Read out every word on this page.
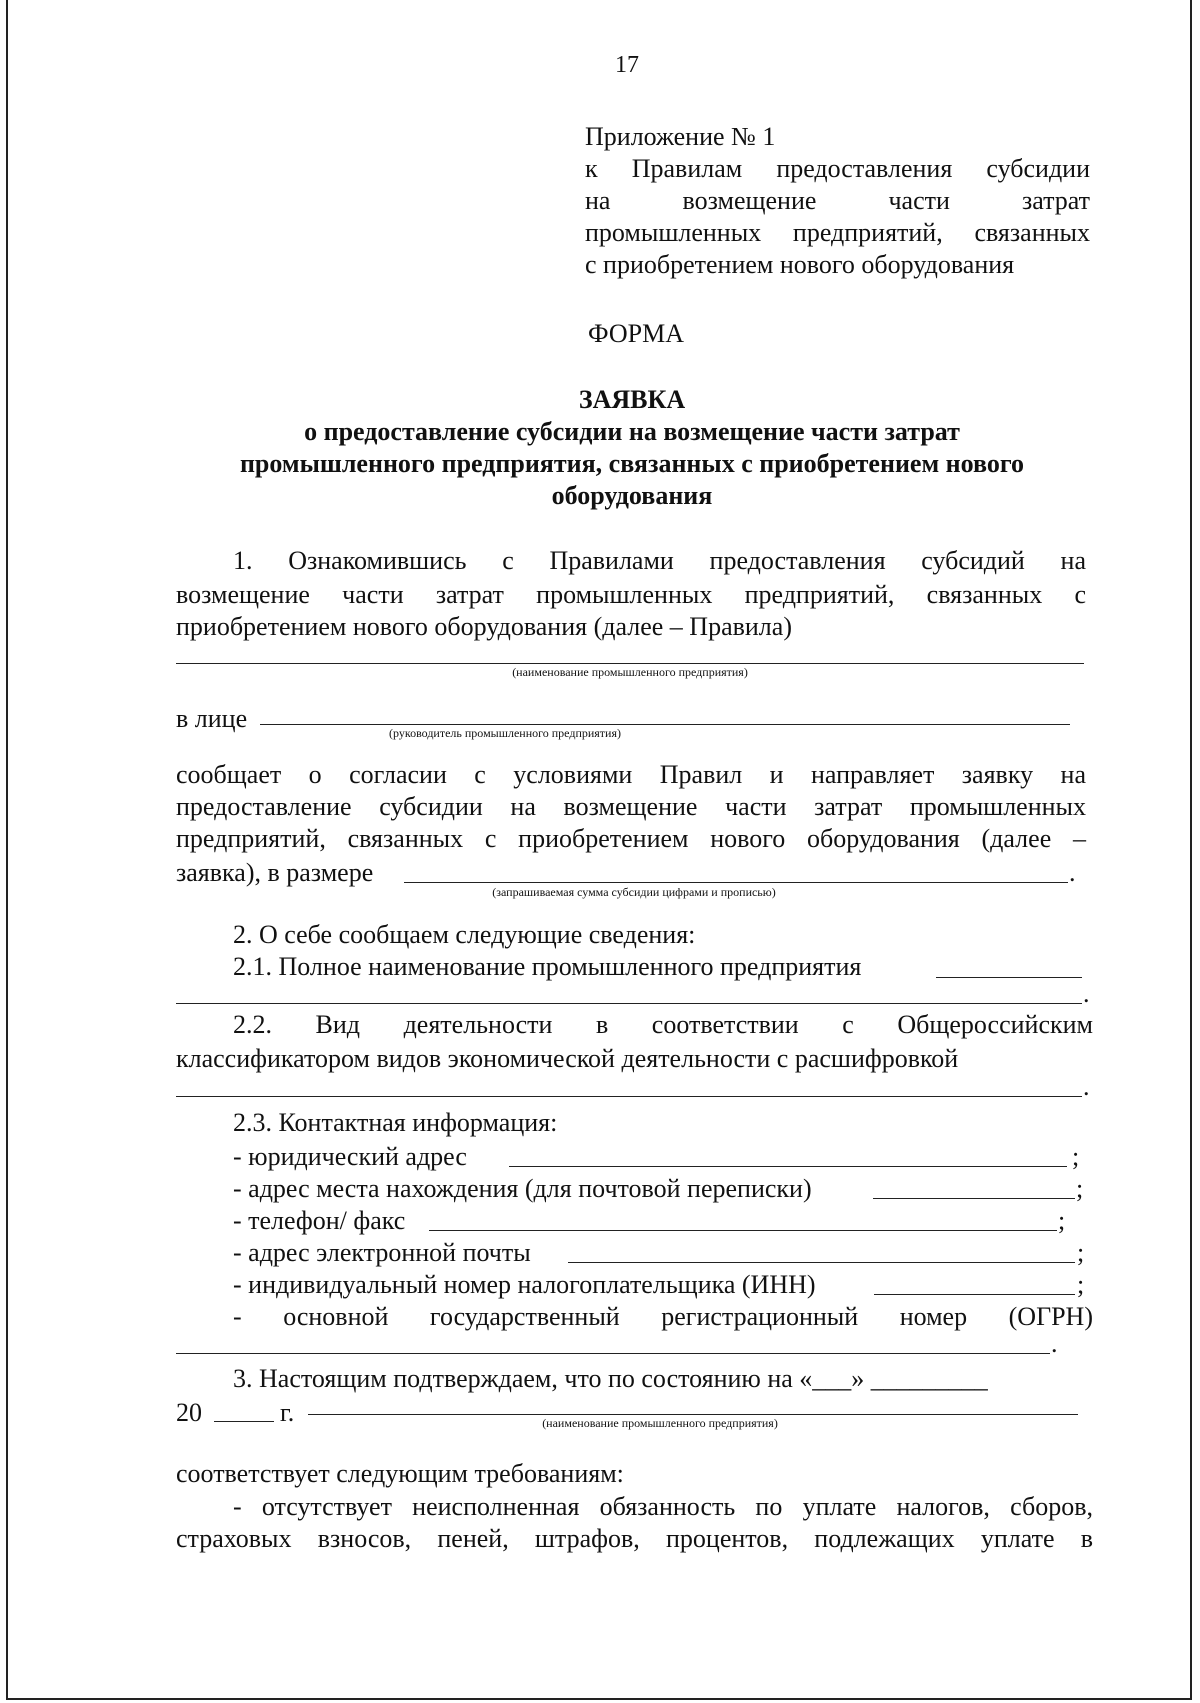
17
Приложение № 1
к Правилам предоставления субсидии
на возмещение части затрат
промышленных предприятий, связанных
с приобретением нового оборудования
ФОРМА
ЗАЯВКА
о предоставление субсидии на возмещение части затрат
промышленного предприятия, связанных с приобретением нового
оборудования
1. Ознакомившись с Правилами предоставления субсидий на
возмещение части затрат промышленных предприятий, связанных с
приобретением нового оборудования (далее – Правила)
(наименование промышленного предприятия)
в лице	(руководитель промышленного предприятия)
сообщает о согласии с условиями Правил и направляет заявку на
предоставление субсидии на возмещение части затрат промышленных
предприятий, связанных с приобретением нового оборудования (далее –
заявка), в размере	.
(запрашиваемая сумма субсидии цифрами и прописью)
2. О себе сообщаем следующие сведения:
2.1. Полное наименование промышленного предприятия
.
2.2. Вид деятельности в соответствии с Общероссийским
классификатором видов экономической деятельности с расшифровкой
.
2.3. Контактная информация:
- юридический адрес	;
- адрес места нахождения (для почтовой переписки)	;
- телефон/ факс	;
- адрес электронной почты	;
- индивидуальный номер налогоплательщика (ИНН)	;
- основной государственный регистрационный номер (ОГРН)
.
3. Настоящим подтверждаем, что по состоянию на «___» _________
20	г.	(наименование промышленного предприятия)
соответствует следующим требованиям:
- отсутствует неисполненная обязанность по уплате налогов, сборов,
страховых взносов, пеней, штрафов, процентов, подлежащих уплате в
